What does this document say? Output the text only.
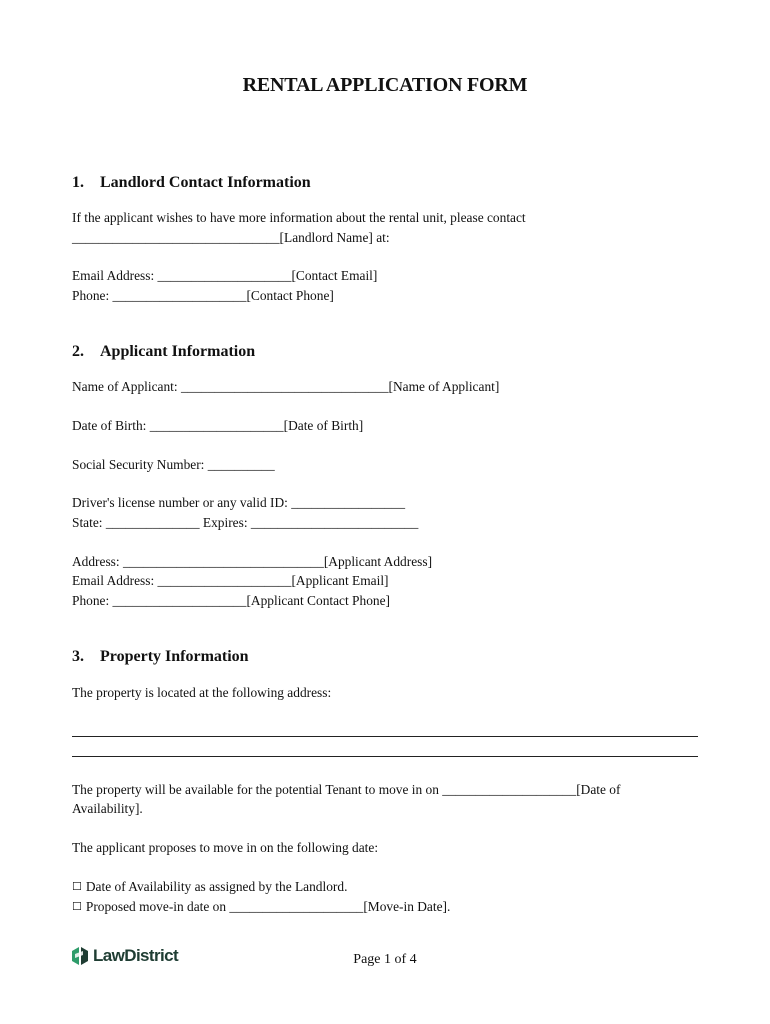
RENTAL APPLICATION FORM
1. Landlord Contact Information
If the applicant wishes to have more information about the rental unit, please contact
_______________________________[Landlord Name] at:
Email Address: ____________________[Contact Email]
Phone: ____________________[Contact Phone]
2. Applicant Information
Name of Applicant: _______________________________[Name of Applicant]
Date of Birth: ____________________[Date of Birth]
Social Security Number: __________
Driver's license number or any valid ID: _________________
State: ______________ Expires: _________________________
Address: ______________________________[Applicant Address]
Email Address: ____________________[Applicant Email]
Phone: ____________________[Applicant Contact Phone]
3. Property Information
The property is located at the following address:
The property will be available for the potential Tenant to move in on ____________________[Date of
Availability].
The applicant proposes to move in on the following date:
☐ Date of Availability as assigned by the Landlord.
☐ Proposed move-in date on ____________________[Move-in Date].
LawDistrict	Page 1 of 4
